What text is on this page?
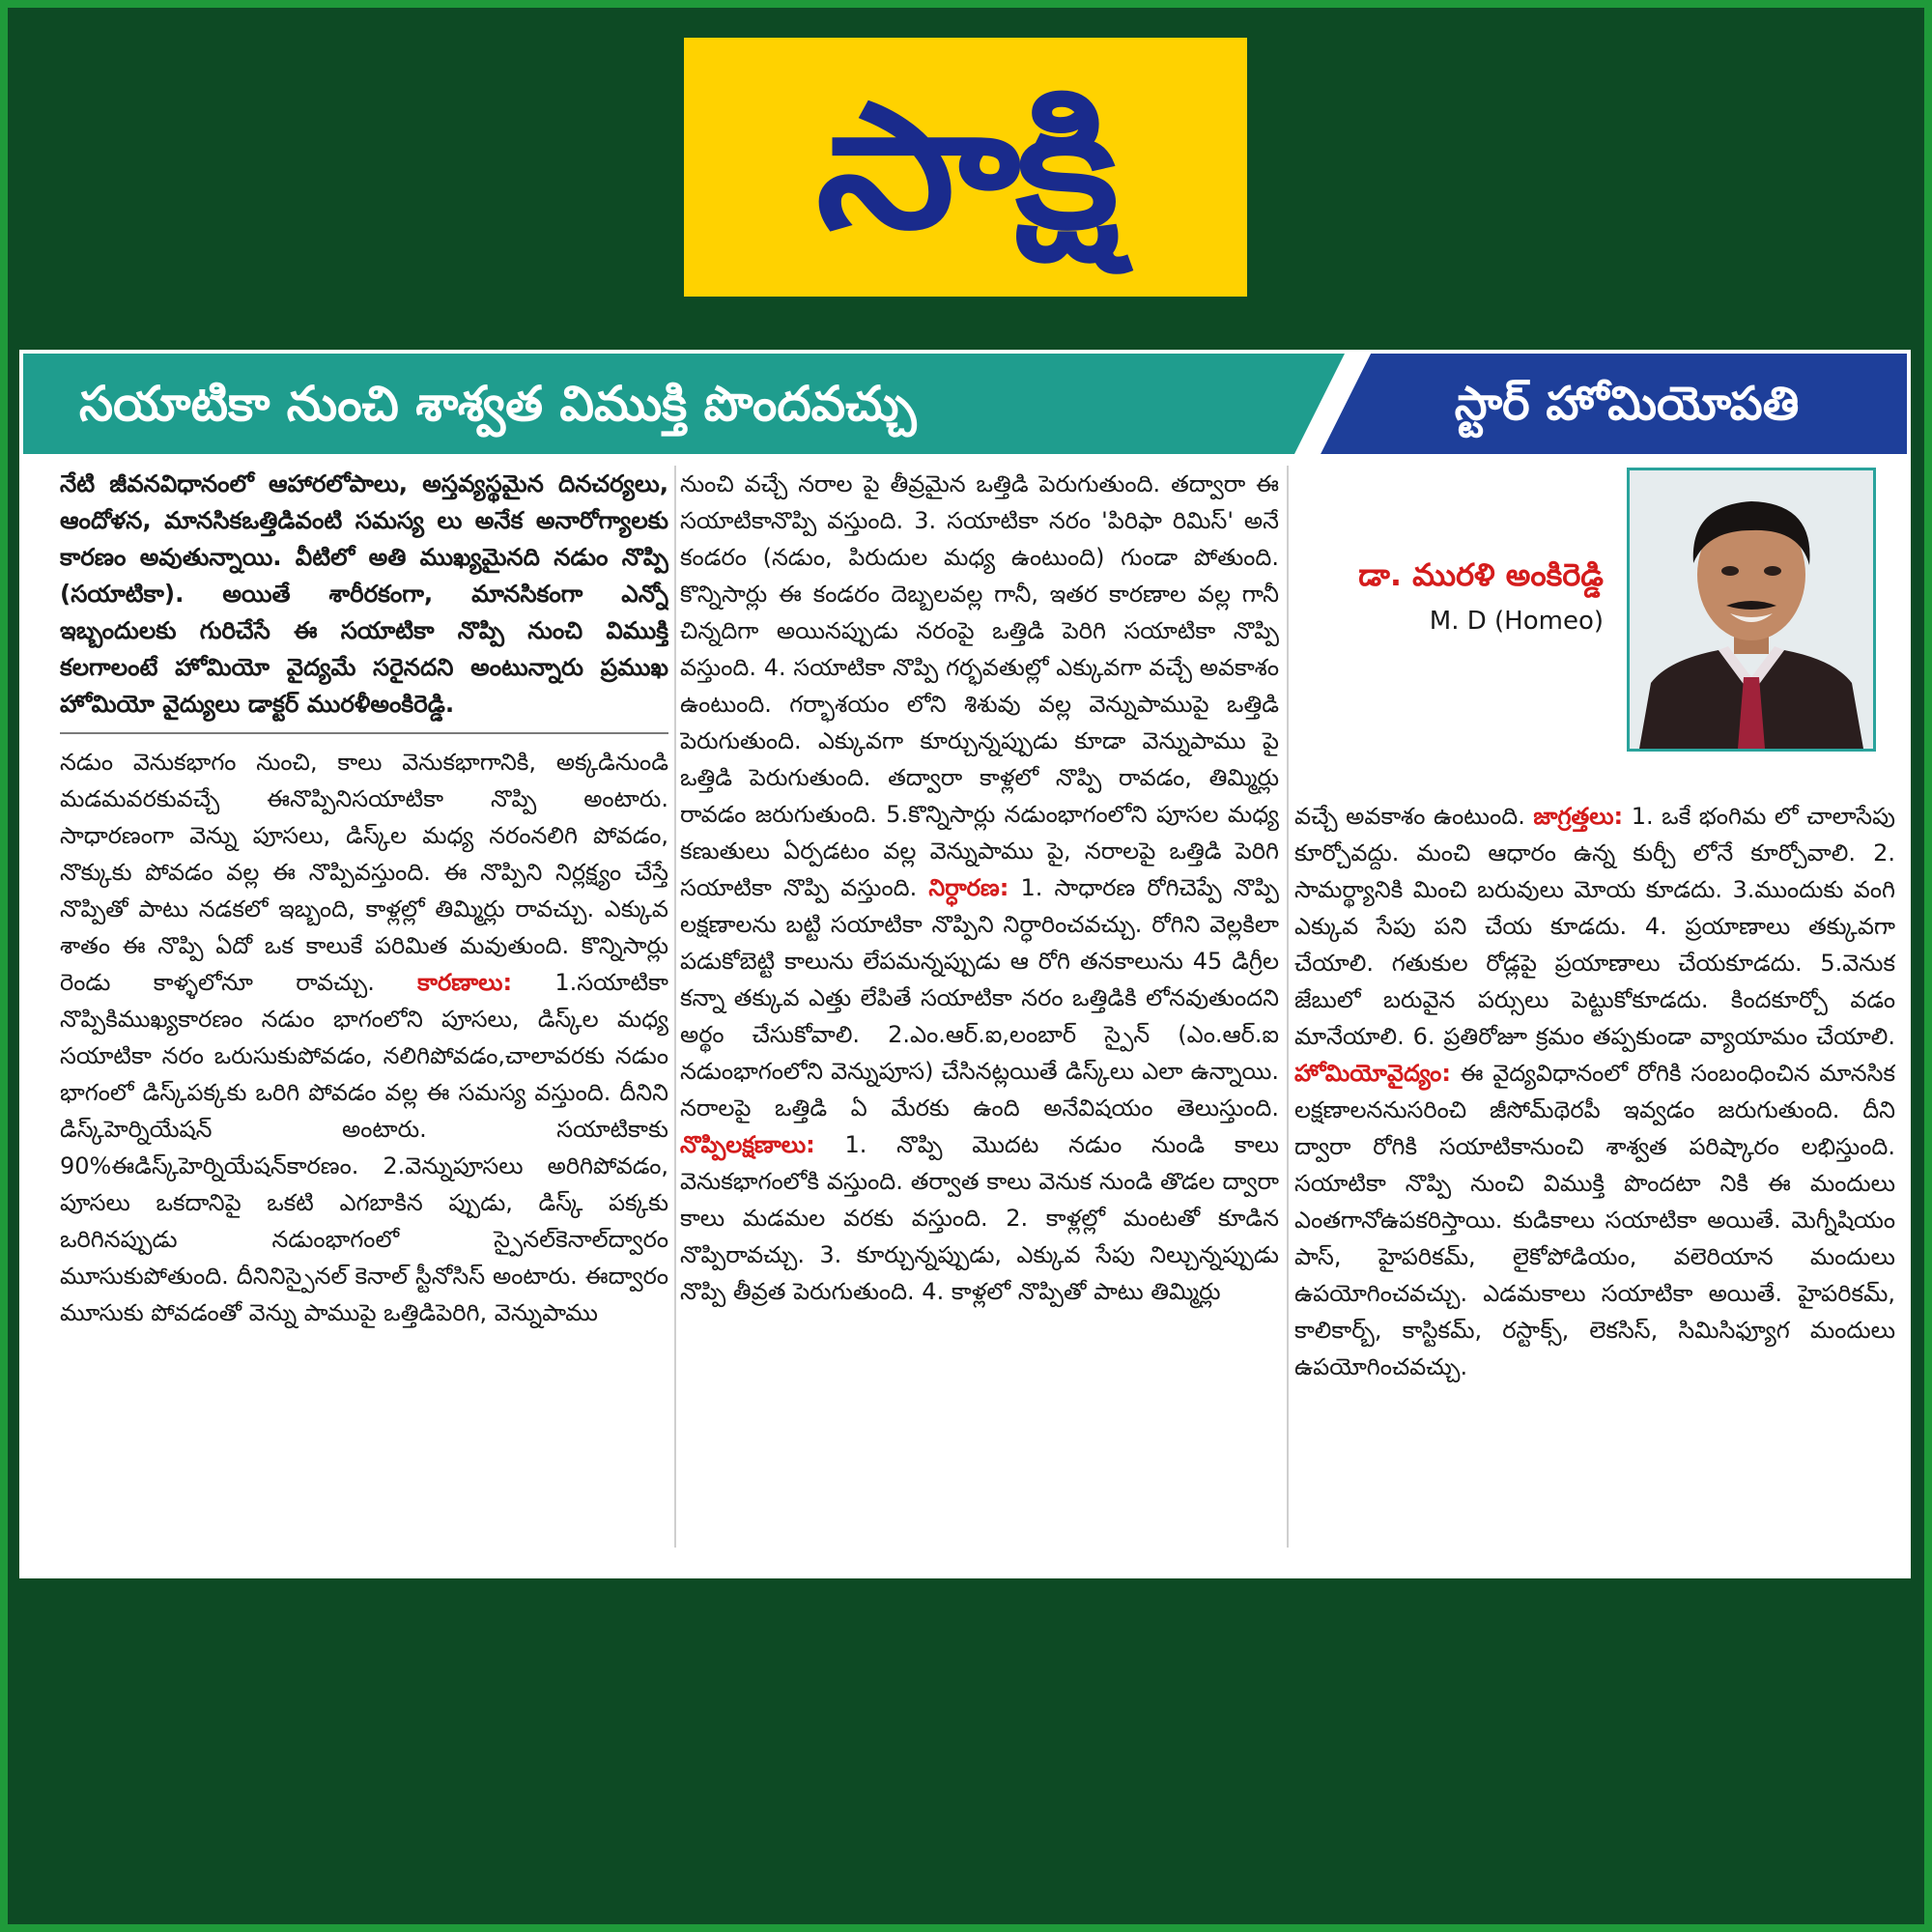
సాక్షి
సయాటికా నుంచి శాశ్వత విముక్తి పొందవచ్చు	స్టార్ హోమియోపతి

నేటి జీవనవిధానంలో ఆహారలోపాలు, అస్తవ్యస్థమైన దినచర్యలు, ఆందోళన, మానసికఒత్తిడివంటి సమస్య లు అనేక అనారోగ్యాలకు కారణం అవుతున్నాయి. వీటిలో అతి ముఖ్యమైనది నడుం నొప్పి (సయాటికా). అయితే శారీరకంగా, మానసికంగా ఎన్నో ఇబ్బందులకు గురిచేసే ఈ సయాటికా నొప్పి నుంచి విముక్తి కలగాలంటే హోమియో వైద్యమే సరైనదని అంటున్నారు ప్రముఖ హోమియో వైద్యులు డాక్టర్ మురళీఅంకిరెడ్డి.

నడుం వెనుకభాగం నుంచి, కాలు వెనుకభాగానికి, అక్కడినుండి మడమవరకువచ్చే ఈనొప్పినిసయాటికా నొప్పి అంటారు. సాధారణంగా వెన్ను పూసలు, డిస్క్‌ల మధ్య నరంనలిగి పోవడం, నొక్కుకు పోవడం వల్ల ఈ నొప్పివస్తుంది. ఈ నొప్పిని నిర్లక్ష్యం చేస్తే నొప్పితో పాటు నడకలో ఇబ్బంది, కాళ్లల్లో తిమ్మిర్లు రావచ్చు. ఎక్కువ శాతం ఈ నొప్పి ఏదో ఒక కాలుకే పరిమిత మవుతుంది. కొన్నిసార్లు రెండు కాళ్ళలోనూ రావచ్చు. కారణాలు: 1.సయాటికా నొప్పికిముఖ్యకారణం నడుం భాగంలోని పూసలు, డిస్క్‌ల మధ్య సయాటికా నరం ఒరుసుకుపోవడం, నలిగిపోవడం,చాలావరకు నడుం భాగంలో డిస్క్‌పక్కకు ఒరిగి పోవడం వల్ల ఈ సమస్య వస్తుంది. దీనిని డిస్క్‌హెర్నియేషన్ అంటారు. సయాటికాకు 90%ఈడిస్క్‌హెర్నియేషన్‌కారణం. 2.వెన్నుపూసలు అరిగిపోవడం, పూసలు ఒకదానిపై ఒకటి ఎగబాకిన ప్పుడు, డిస్క్ పక్కకు ఒరిగినప్పుడు నడుంభాగంలో స్పైనల్‌కెనాల్‌ద్వారం మూసుకుపోతుంది. దీనినిస్పైనల్ కెనాల్ స్టీనోసిస్ అంటారు. ఈద్వారం మూసుకు పోవడంతో వెన్ను పాముపై ఒత్తిడిపెరిగి, వెన్నుపాము

నుంచి వచ్చే నరాల పై తీవ్రమైన ఒత్తిడి పెరుగుతుంది. తద్వారా ఈ సయాటికానొప్పి వస్తుంది. 3. సయాటికా నరం 'పిరిఫా రిమిస్' అనే కండరం (నడుం, పిరుదుల మధ్య ఉంటుంది) గుండా పోతుంది. కొన్నిసార్లు ఈ కండరం దెబ్బలవల్ల గానీ, ఇతర కారణాల వల్ల గానీ చిన్నదిగా అయినప్పుడు నరంపై ఒత్తిడి పెరిగి సయాటికా నొప్పి వస్తుంది. 4. సయాటికా నొప్పి గర్భవతుల్లో ఎక్కువగా వచ్చే అవకాశం ఉంటుంది. గర్భాశయం లోని శిశువు వల్ల వెన్నుపాముపై ఒత్తిడి పెరుగుతుంది. ఎక్కువగా కూర్చున్నప్పుడు కూడా వెన్నుపాము పై ఒత్తిడి పెరుగుతుంది. తద్వారా కాళ్లలో నొప్పి రావడం, తిమ్మిర్లు రావడం జరుగుతుంది. 5.కొన్నిసార్లు నడుంభాగంలోని పూసల మధ్య కణుతులు ఏర్పడటం వల్ల వెన్నుపాము పై, నరాలపై ఒత్తిడి పెరిగి సయాటికా నొప్పి వస్తుంది. నిర్ధారణ: 1. సాధారణ రోగిచెప్పే నొప్పి లక్షణాలను బట్టి సయాటికా నొప్పిని నిర్ధారించవచ్చు. రోగిని వెల్లకిలా పడుకోబెట్టి కాలును లేపమన్నప్పుడు ఆ రోగి తనకాలును 45 డిగ్రీల కన్నా తక్కువ ఎత్తు లేపితే సయాటికా నరం ఒత్తిడికి లోనవుతుందని అర్థం చేసుకోవాలి. 2.ఎం.ఆర్.ఐ,లంబార్ స్పైన్ (ఎం.ఆర్.ఐ నడుంభాగంలోని వెన్నుపూస) చేసినట్లయితే డిస్క్‌లు ఎలా ఉన్నాయి. నరాలపై ఒత్తిడి ఏ మేరకు ఉంది అనేవిషయం తెలుస్తుంది. నొప్పిలక్షణాలు: 1. నొప్పి మొదట నడుం నుండి కాలు వెనుకభాగంలోకి వస్తుంది. తర్వాత కాలు వెనుక నుండి తొడల ద్వారా కాలు మడమల వరకు వస్తుంది. 2. కాళ్లల్లో మంటతో కూడిన నొప్పిరావచ్చు. 3. కూర్చున్నప్పుడు, ఎక్కువ సేపు నిల్చున్నప్పుడు నొప్పి తీవ్రత పెరుగుతుంది. 4. కాళ్లలో నొప్పితో పాటు తిమ్మిర్లు

డా. మురళి అంకిరెడ్డి
M. D (Homeo)

వచ్చే అవకాశం ఉంటుంది. జాగ్రత్తలు: 1. ఒకే భంగిమ లో చాలాసేపు కూర్చోవద్దు. మంచి ఆధారం ఉన్న కుర్చీ లోనే కూర్చోవాలి. 2. సామర్థ్యానికి మించి బరువులు మోయ కూడదు. 3.ముందుకు వంగి ఎక్కువ సేపు పని చేయ కూడదు. 4. ప్రయాణాలు తక్కువగా చేయాలి. గతుకుల రోడ్లపై ప్రయాణాలు చేయకూడదు. 5.వెనుక జేబులో బరువైన పర్సులు పెట్టుకోకూడదు. కిందకూర్చో వడం మానేయాలి. 6. ప్రతిరోజూ క్రమం తప్పకుండా వ్యాయామం చేయాలి. హోమియోవైద్యం: ఈ వైద్యవిధానంలో రోగికి సంబంధించిన మానసిక లక్షణాలననుసరించి జీసోమ్‌థెరపీ ఇవ్వడం జరుగుతుంది. దీని ద్వారా రోగికి సయాటికానుంచి శాశ్వత పరిష్కారం లభిస్తుంది. సయాటికా నొప్పి నుంచి విముక్తి పొందటా నికి ఈ మందులు ఎంతగానోఉపకరిస్తాయి. కుడికాలు సయాటికా అయితే. మెగ్నీషియం పాస్, హైపరికమ్, లైకోపోడియం, వలెరియాన మందులు ఉపయోగించవచ్చు. ఎడమకాలు సయాటికా అయితే. హైపరికమ్, కాలికార్బ్, కాస్టికమ్, రస్టాక్స్, లెకసిస్, సిమిసిఫ్యూగ మందులు ఉపయోగించవచ్చు.
